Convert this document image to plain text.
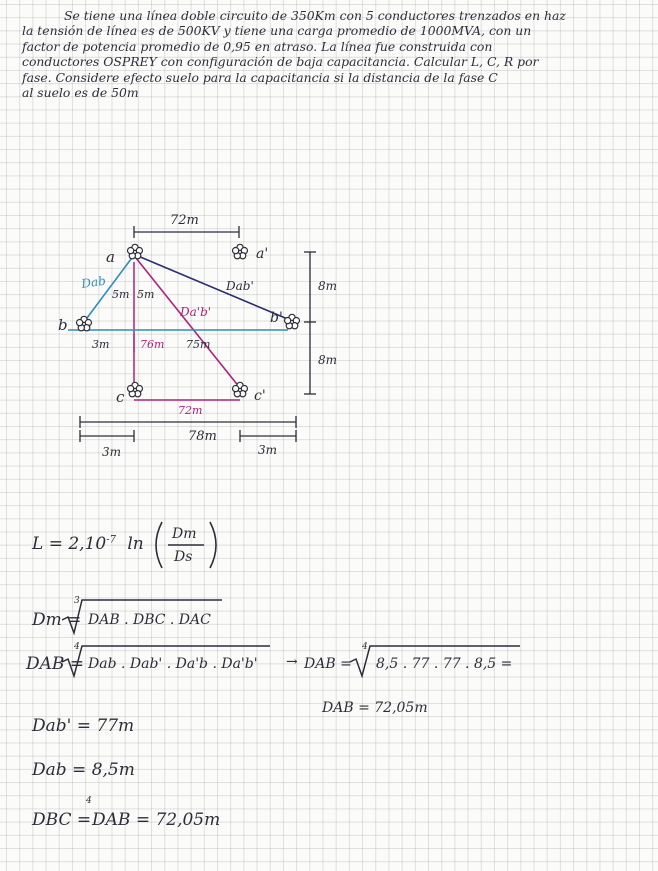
Se tiene una línea doble circuito de 350Km con 5 conductores trenzados en haz
la tensión de línea es de 500KV y tiene una carga promedio de 1000MVA, con un
factor de potencia promedio de 0,95 en atraso. La línea fue construida con
conductores OSPREY con configuración de baja capacitancia. Calcular L, C, R por
fase. Considere efecto suelo para la capacitancia si la distancia de la fase C
al suelo es de 50m
72m
8m
8m
Dab	Dab'
Da'b'
5m 5m
3m	76m 75m
72m
78m
3m	3m
a	a'
b	b'
c	c'
$L = 2,10^{-7}$ ln Dm
Ds
Dm =
3
DAB . DBC . DAC
DAB =
4
Dab . Dab' . Da'b . Da'b' → DAB =
4
8,5 . 77 . 77 . 8,5 =
DAB = 72,05m
Dab' = 77m
Dab = 8,5m
DBC =
4
DAB = 72,05m
